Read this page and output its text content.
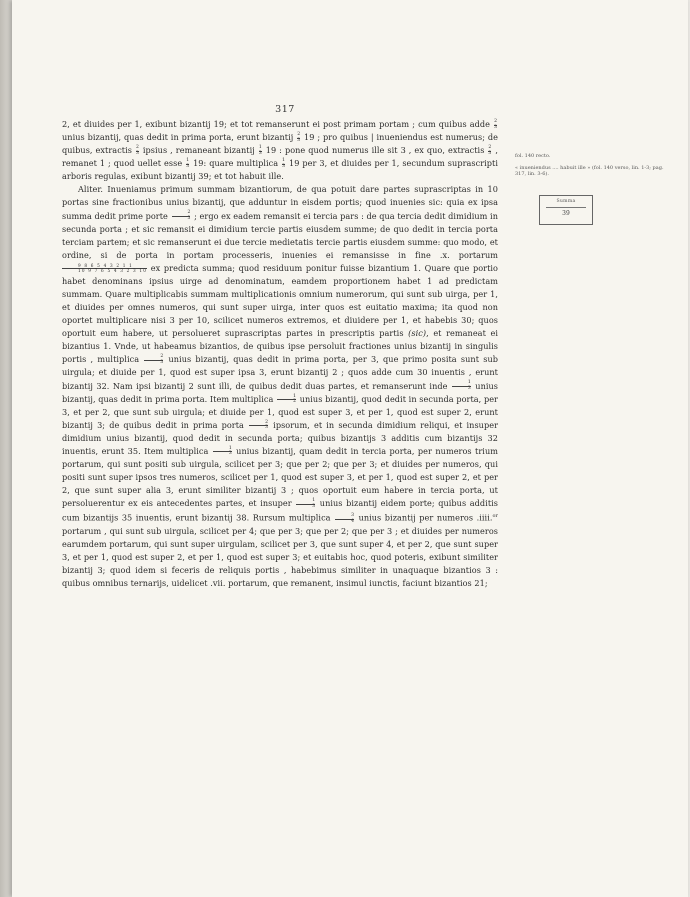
317

2, et diuides per 1, exibunt bizantij 19; et tot remanserunt ei post primam portam ; cum quibus adde $\frac{2}{3}$
unius bizantij, quas dedit in prima porta, erunt bizantij $\frac{2}{3} 19$ ; pro quibus | inueniendus est numerus; de quibus, extractis $\frac{2}{3}$ ipsius , remaneant bizantij $\frac{1}{3} 19$ : pone quod numerus ille sit 3 , ex quo, extractis $\frac{2}{3}$ , remanet 1 ; quod uellet esse $\frac{1}{3} 19$: quare multiplica $\frac{1}{3} 19$ per 3, et diuides per 1, secundum suprascripti arboris regulas, exibunt bizantij 39; et tot habuit ille.

Aliter. Inueniamus primum summam bizantiorum, de qua potuit dare partes suprascriptas in 10 portas sine fractionibus unius bizantij, que adduntur in eisdem portis; quod inuenies sic: quia ex ipsa summa dedit prime porte $\frac{2}{3}$ ; ergo ex eadem remansit ei tercia pars : de qua tercia dedit dimidium in secunda porta ; et sic remansit ei dimidium tercie partis eiusdem summe; de quo dedit in tercia porta terciam partem; et sic remanserunt ei due tercie medietatis tercie partis eiusdem summe: quo modo, et ordine, si de porta in portam processeris, inuenies ei remansisse in fine .x. portarum
$\frac{9 8 6 5 4 3 2 1 1}{10 9 7 6 5 4 3 2 3 10}$ ex predicta summa; quod residuum ponitur fuisse bizantium 1. Quare que portio habet denominans ipsius uirge ad denominatum, eamdem proportionem habet 1 ad predictam summam. Quare multiplicabis summam multiplicationis omnium numerorum, qui sunt sub uirga, per 1, et diuides per omnes numeros, qui sunt super uirga, inter quos est euitatio maxima; ita quod non oportet multiplicare nisi 3 per 10, scilicet numeros extremos, et diuidere per 1, et habebis 30; quos oportuit eum habere, ut persolueret suprascriptas partes in prescriptis partis (sic), et remaneat ei bizantius 1. Vnde, ut habeamus bizantios, de quibus ipse persoluit fractiones unius bizantij in singulis portis , multiplica $\frac{2}{3}$ unius bizantij, quas dedit in prima porta, per 3, que primo posita sunt sub uirgula; et diuide per 1, quod est super ipsa 3, erunt bizantij 2 ; quos adde cum 30 inuentis , erunt bizantij 32. Nam ipsi bizantij 2 sunt illi, de quibus dedit duas partes, et remanserunt inde $\frac{1}{3}$ unius bizantij, quas dedit in prima porta. Item multiplica $\frac{1}{2}$ unius bizantij, quod dedit in secunda porta, per 3, et per 2, que sunt sub uirgula; et diuide per 1, quod est super 3, et per 1, quod est super 2, erunt bizantij 3; de quibus dedit in prima porta $\frac{2}{3}$ ipsorum, et in secunda dimidium reliqui, et insuper dimidium unius bizantij, quod dedit in secunda porta; quibus bizantijs 3 additis cum bizantijs 32 inuentis, erunt 35. Item multiplica $\frac{1}{3}$ unius bizantij, quam dedit in tercia porta, per numeros trium portarum, qui sunt positi sub uirgula, scilicet per 3; que per 2; que per 3; et diuides per numeros, qui positi sunt super ipsos tres numeros, scilicet per 1, quod est super 3, et per 1, quod est super 2, et per 2, que sunt super alia 3, erunt similiter bizantij 3 ; quos oportuit eum habere in tercia porta, ut persoluerentur ex eis antecedentes partes, et insuper $\frac{1}{3}$ unius bizantij eidem porte; quibus additis cum bizantijs 35 inuentis, erunt bizantij 38. Rursum multiplica $\frac{3}{4}$ unius bizantij per numeros .iiii.$^{or}$ portarum , qui sunt sub uirgula, scilicet per 4; que per 3; que per 2; que per 3 ; et diuides per numeros earumdem portarum, qui sunt super uirgulam, scilicet per 3, que sunt super 4, et per 2, que sunt super 3, et per 1, quod est super 2, et per 1, quod est super 3; et euitabis hoc, quod poteris, exibunt similiter bizantij 3; quod idem si feceris de reliquis portis , habebimus similiter in unaquaque bizantios 3 : quibus omnibus ternarijs, uidelicet .vii. portarum, que remanent, insimul iunctis, faciunt bizantios 21;

fol. 140 recto.
« inueniendus .... habuit ille » (fol. 140 verso, lin. 1-3; pag. 317, lin. 3-6).
Summa
39
